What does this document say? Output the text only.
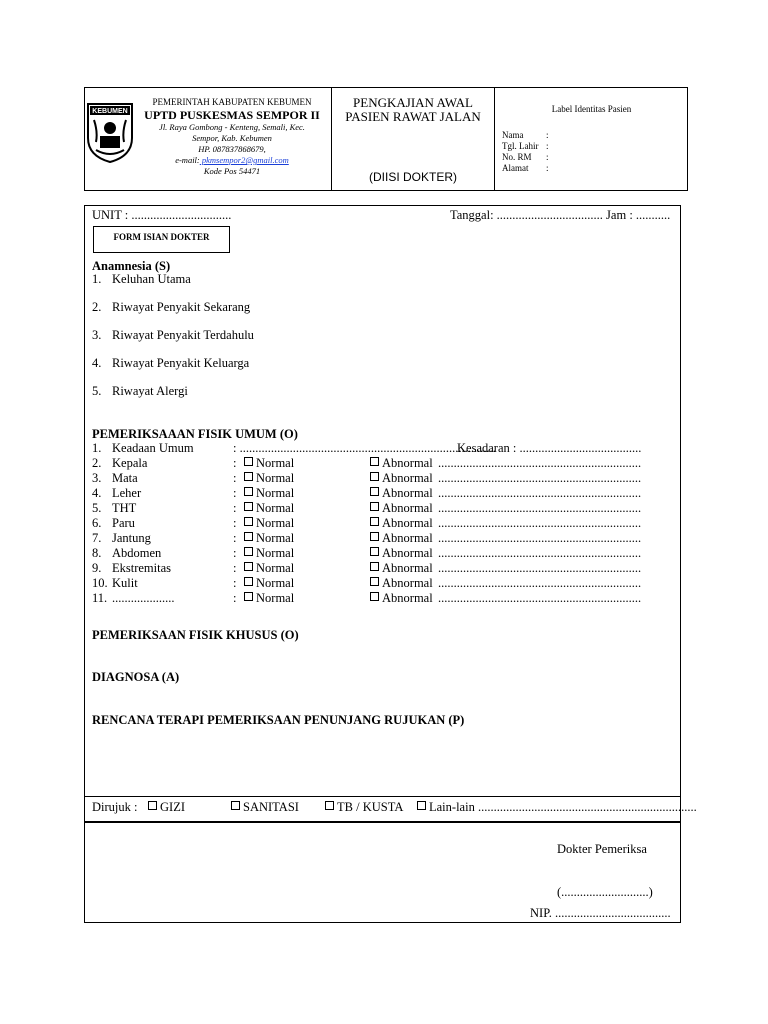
KEBUMEN
PEMERINTAH KABUPATEN KEBUMEN
UPTD PUSKESMAS SEMPOR II
Jl. Raya Gombong - Kenteng, Semali, Kec.
Sempor, Kab. Kebumen
HP. 087837868679,
e-mail: pkmsempor2@gmail.com
Kode Pos 54471
PENGKAJIAN AWAL
PASIEN RAWAT JALAN
(DIISI DOKTER)
Label Identitas Pasien
Nama	:
Tgl. Lahir :
No. RM :
Alamat :
UNIT : ................................	Tanggal: .................................. Jam : ...........
FORM ISIAN DOKTER
Anamnesia (S)
1. Keluhan Utama
2. Riwayat Penyakit Sekarang
3. Riwayat Penyakit Terdahulu
4. Riwayat Penyakit Keluarga
5. Riwayat Alergi
PEMERIKSAAAN FISIK UMUM (O)
1. Keadaan Umum	: ..................................................................................
Kesadaran : .......................................
2. Kepala	:	Normal	Abnormal .................................................................
3. Mata	:	Normal	Abnormal .................................................................
4. Leher	:	Normal	Abnormal .................................................................
5. THT	:	Normal	Abnormal .................................................................
6. Paru	:	Normal	Abnormal .................................................................
7. Jantung	:	Normal	Abnormal .................................................................
8. Abdomen	:	Normal	Abnormal .................................................................
9. Ekstremitas	:	Normal	Abnormal .................................................................
10. Kulit	:	Normal	Abnormal .................................................................
11. ....................	:	Normal	Abnormal .................................................................
PEMERIKSAAN FISIK KHUSUS (O)
DIAGNOSA (A)
RENCANA TERAPI PEMERIKSAAN PENUNJANG RUJUKAN (P)
Dirujuk :	GIZI	SANITASI	TB / KUSTA	Lain-lain ......................................................................
Dokter Pemeriksa
(............................)
NIP. .....................................
